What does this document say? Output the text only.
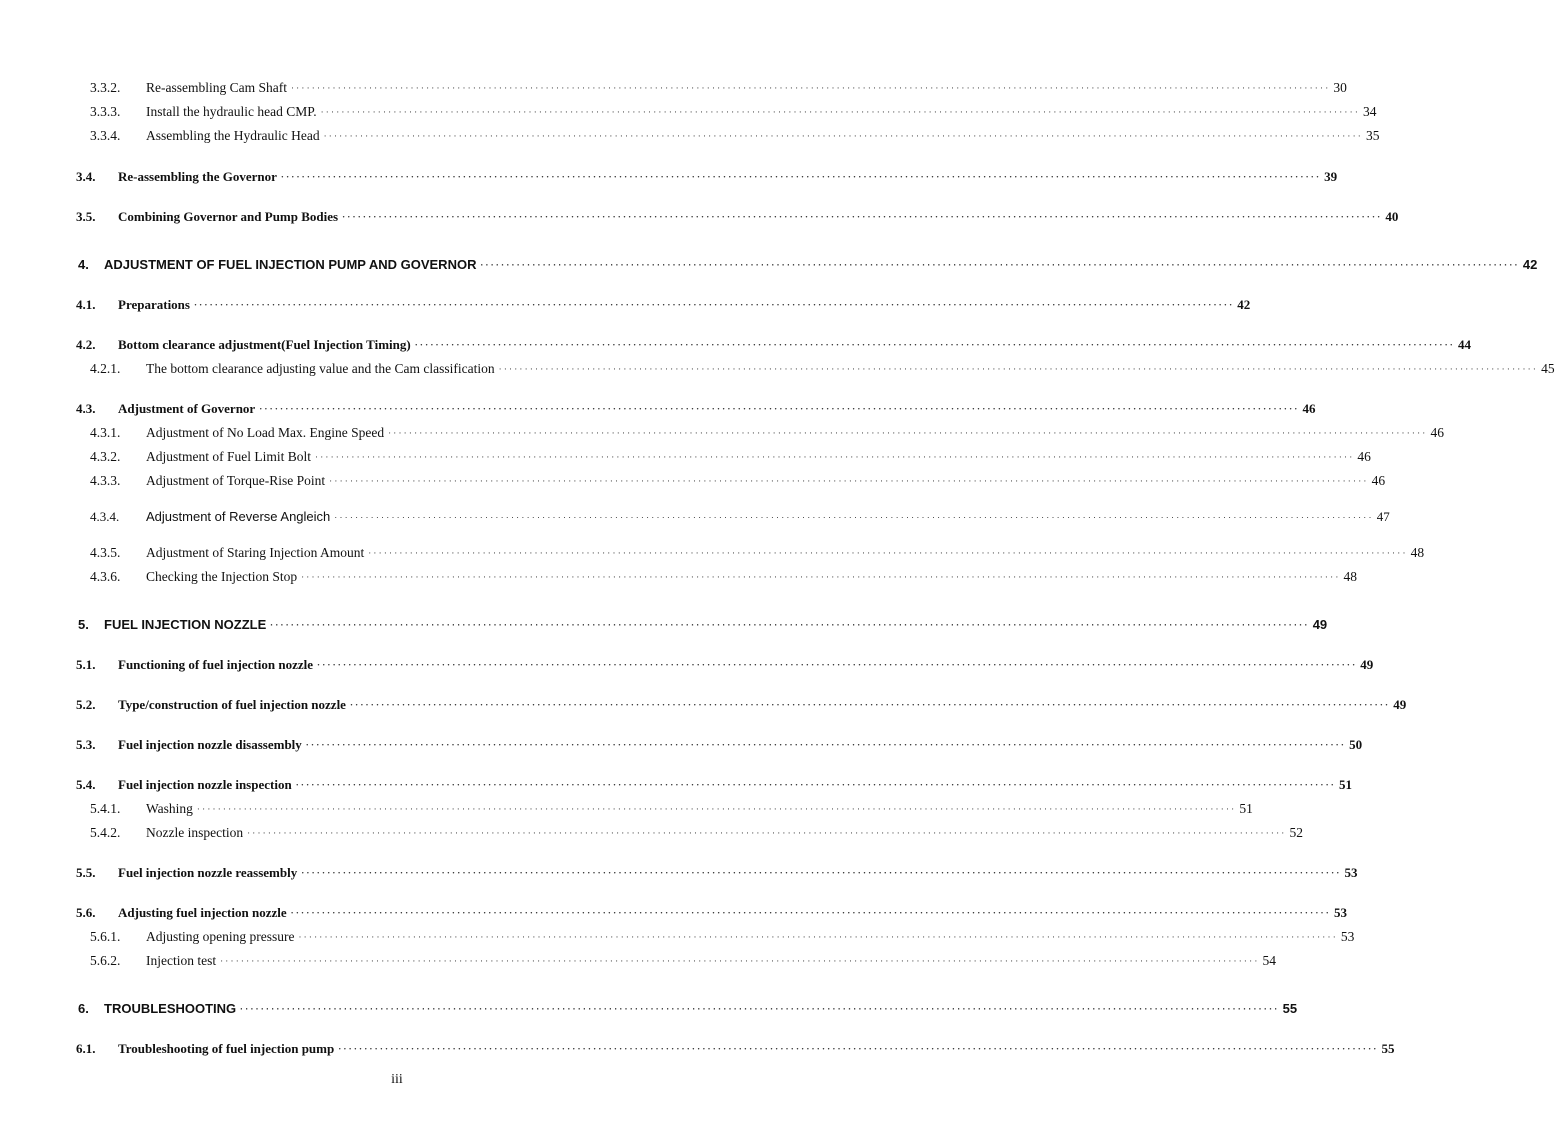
3.3.2. Re-assembling Cam Shaft ········································································································································································································ 30
3.3.3. Install the hydraulic head CMP. ········································································································································································································ 34
3.3.4. Assembling the Hydraulic Head ········································································································································································································ 35
3.4. Re-assembling the Governor ········································································································································································································ 39
3.5. Combining Governor and Pump Bodies ········································································································································································································ 40
4. ADJUSTMENT OF FUEL INJECTION PUMP AND GOVERNOR ········································································································································································································ 42
4.1. Preparations ········································································································································································································ 42
4.2. Bottom clearance adjustment(Fuel Injection Timing) ········································································································································································································ 44
4.2.1. The bottom clearance adjusting value and the Cam classification ········································································································································································································ 45
4.3. Adjustment of Governor ········································································································································································································ 46
4.3.1. Adjustment of No Load Max. Engine Speed ········································································································································································································ 46
4.3.2. Adjustment of Fuel Limit Bolt ········································································································································································································ 46
4.3.3. Adjustment of Torque-Rise Point ········································································································································································································ 46
4.3.4. Adjustment of Reverse Angleich ········································································································································································································ 47
4.3.5. Adjustment of Staring Injection Amount ········································································································································································································ 48
4.3.6. Checking the Injection Stop ········································································································································································································ 48
5. FUEL INJECTION NOZZLE ········································································································································································································ 49
5.1. Functioning of fuel injection nozzle ········································································································································································································ 49
5.2. Type/construction of fuel injection nozzle ········································································································································································································ 49
5.3. Fuel injection nozzle disassembly ········································································································································································································ 50
5.4. Fuel injection nozzle inspection ········································································································································································································ 51
5.4.1. Washing ········································································································································································································ 51
5.4.2. Nozzle inspection ········································································································································································································ 52
5.5. Fuel injection nozzle reassembly ········································································································································································································ 53
5.6. Adjusting fuel injection nozzle ········································································································································································································ 53
5.6.1. Adjusting opening pressure ········································································································································································································ 53
5.6.2. Injection test ········································································································································································································ 54
6. TROUBLESHOOTING ········································································································································································································ 55
6.1. Troubleshooting of fuel injection pump ········································································································································································································ 55
iii
